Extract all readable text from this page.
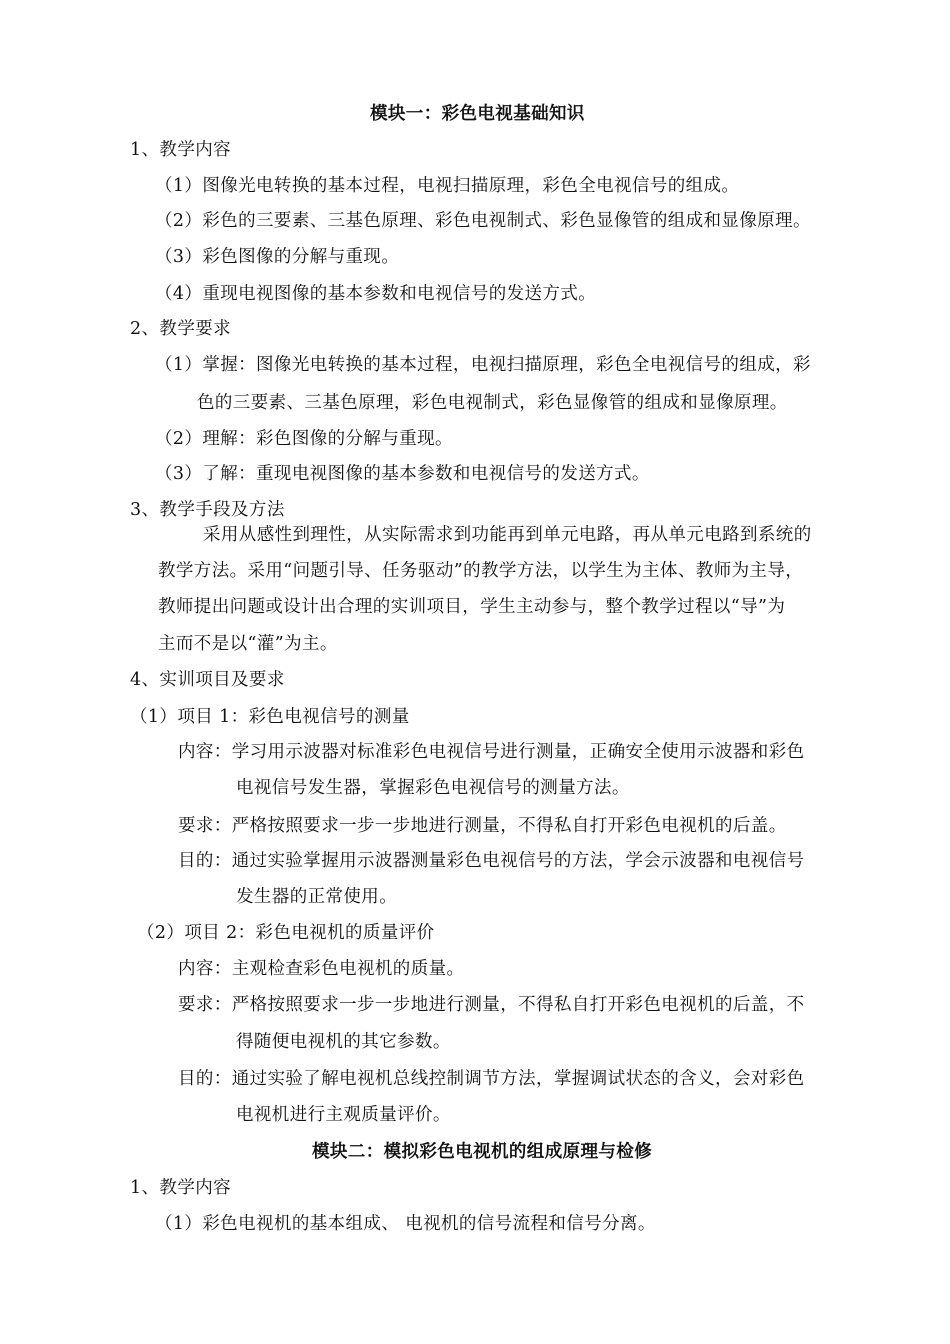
模块一：彩色电视基础知识
1、教学内容
（1）图像光电转换的基本过程，电视扫描原理，彩色全电视信号的组成。
（2）彩色的三要素、三基色原理、彩色电视制式、彩色显像管的组成和显像原理。
（3）彩色图像的分解与重现。
（4）重现电视图像的基本参数和电视信号的发送方式。
2、教学要求
（1）掌握：图像光电转换的基本过程，电视扫描原理，彩色全电视信号的组成，彩
色的三要素、三基色原理，彩色电视制式，彩色显像管的组成和显像原理。
（2）理解：彩色图像的分解与重现。
（3）了解：重现电视图像的基本参数和电视信号的发送方式。
3、教学手段及方法
采用从感性到理性，从实际需求到功能再到单元电路，再从单元电路到系统的
教学方法。采用“问题引导、任务驱动”的教学方法，以学生为主体、教师为主导，
教师提出问题或设计出合理的实训项目，学生主动参与，整个教学过程以“导”为
主而不是以“灌”为主。
4、实训项目及要求
（1）项目 1：彩色电视信号的测量
内容：学习用示波器对标准彩色电视信号进行测量，正确安全使用示波器和彩色
电视信号发生器，掌握彩色电视信号的测量方法。
要求：严格按照要求一步一步地进行测量，不得私自打开彩色电视机的后盖。
目的：通过实验掌握用示波器测量彩色电视信号的方法，学会示波器和电视信号
发生器的正常使用。
（2）项目 2：彩色电视机的质量评价
内容：主观检查彩色电视机的质量。
要求：严格按照要求一步一步地进行测量，不得私自打开彩色电视机的后盖，不
得随便电视机的其它参数。
目的：通过实验了解电视机总线控制调节方法，掌握调试状态的含义，会对彩色
电视机进行主观质量评价。
模块二：模拟彩色电视机的组成原理与检修
1、教学内容
（1）彩色电视机的基本组成、 电视机的信号流程和信号分离。
